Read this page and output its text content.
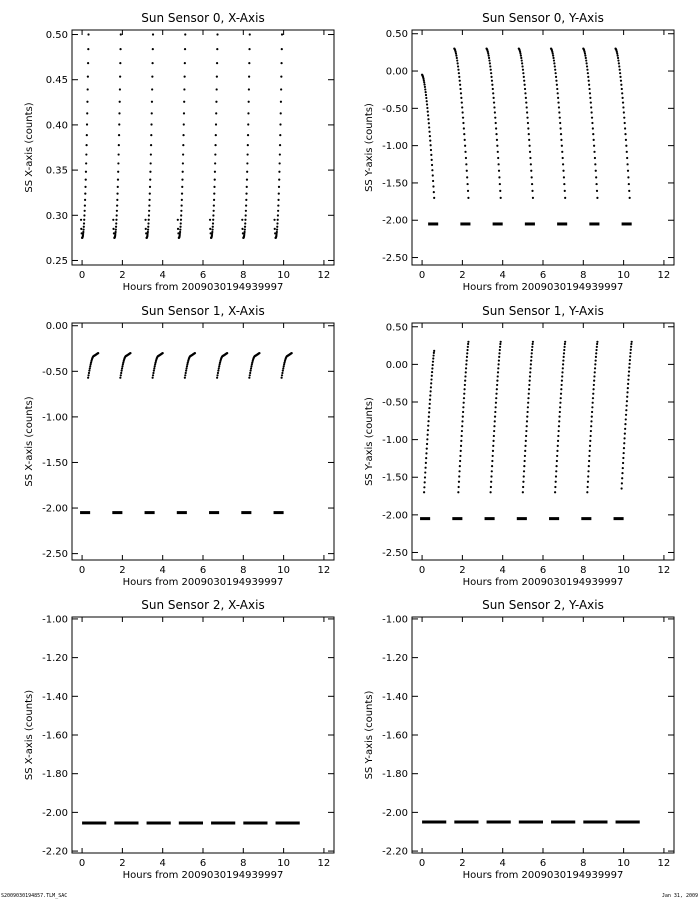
Sun Sensor 0, X-Axis
0	2	4	6	8	10	12
0.25
0.30
0.35
0.40
0.45
0.50
Hours from 2009030194939997
SS X-axis (counts)
Sun Sensor 0, Y-Axis
0	2	4	6	8	10	12
-2.50
-2.00
-1.50
-1.00
-0.50
0.00
0.50
Hours from 2009030194939997
SS Y-axis (counts)
Sun Sensor 1, X-Axis
0	2	4	6	8	10	12
-2.50
-2.00
-1.50
-1.00
-0.50
0.00
Hours from 2009030194939997
SS X-axis (counts)
Sun Sensor 1, Y-Axis
0	2	4	6	8	10	12
-2.50
-2.00
-1.50
-1.00
-0.50
0.00
0.50
Hours from 2009030194939997
SS Y-axis (counts)
Sun Sensor 2, X-Axis
0	2	4	6	8	10	12
-2.20
-2.00
-1.80
-1.60
-1.40
-1.20
-1.00
Hours from 2009030194939997
SS X-axis (counts)
Sun Sensor 2, Y-Axis
0	2	4	6	8	10	12
-2.20
-2.00
-1.80
-1.60
-1.40
-1.20
-1.00
Hours from 2009030194939997
SS Y-axis (counts)
S2009030194857.TLM_SAC	Jan 31, 2009
